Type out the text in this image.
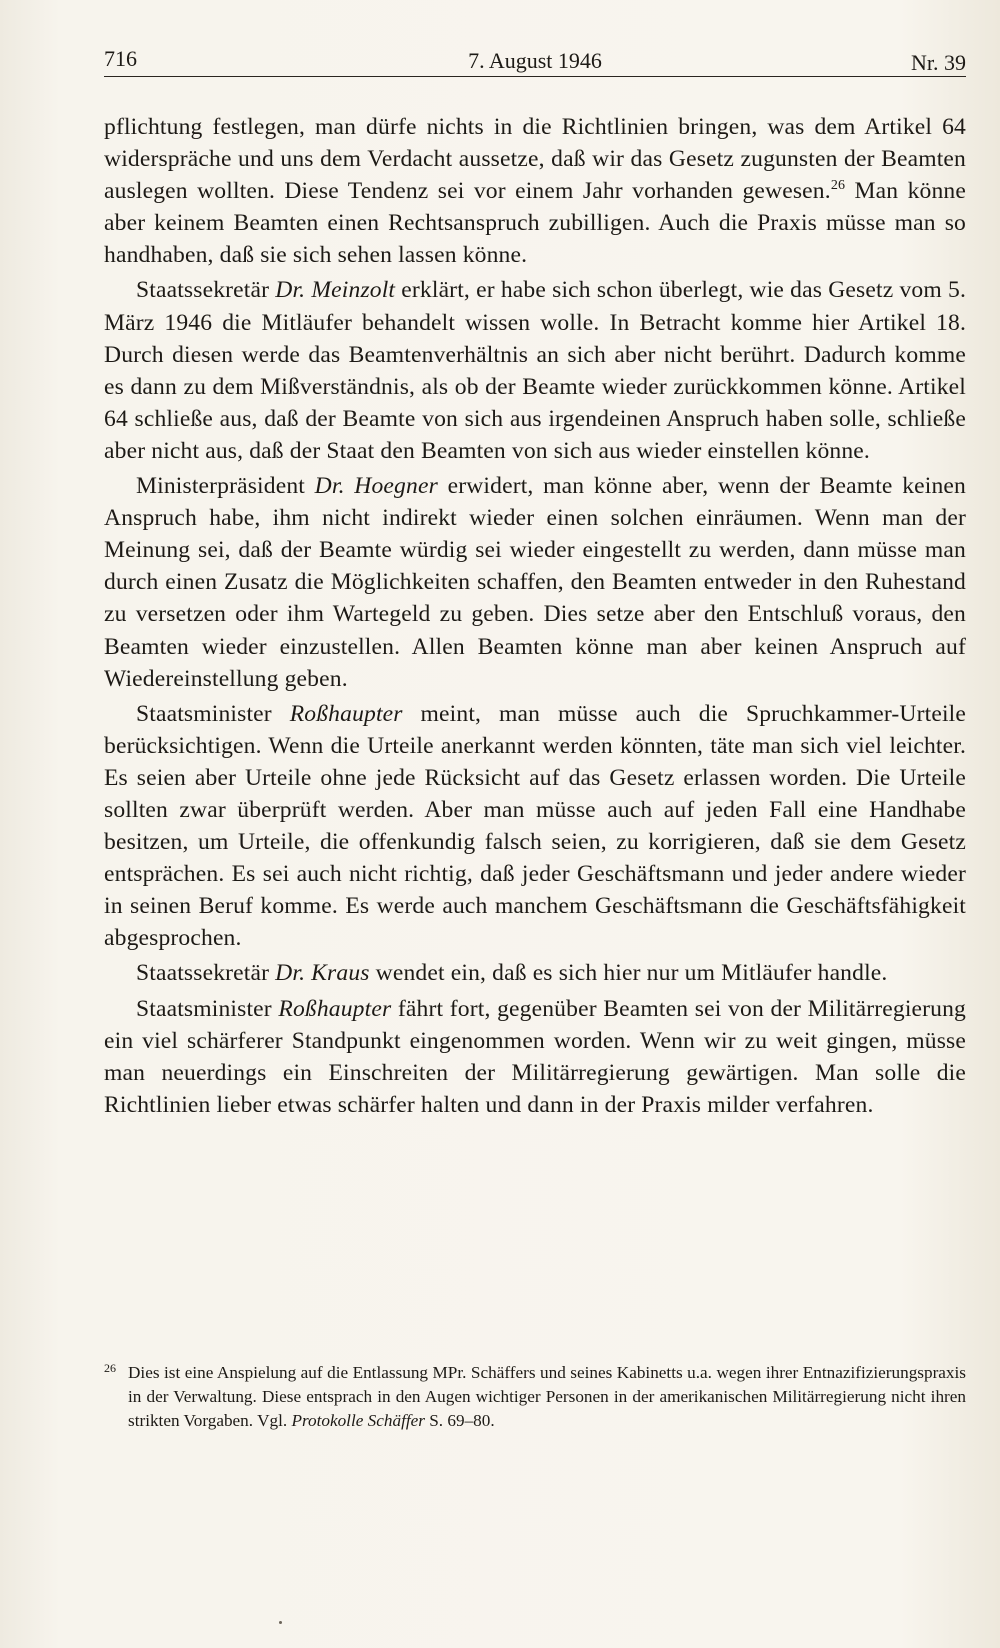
716	7. August 1946	Nr. 39

pflichtung festlegen, man dürfe nichts in die Richtlinien bringen, was dem Artikel 64 widerspräche und uns dem Verdacht aussetze, daß wir das Gesetz zugunsten der Beamten auslegen wollten. Diese Tendenz sei vor einem Jahr vorhanden gewesen.$^{26}$ Man könne aber keinem Beamten einen Rechtsanspruch zubilligen. Auch die Praxis müsse man so handhaben, daß sie sich sehen lassen könne.

Staatssekretär Dr. Meinzolt erklärt, er habe sich schon überlegt, wie das Gesetz vom 5. März 1946 die Mitläufer behandelt wissen wolle. In Betracht komme hier Artikel 18. Durch diesen werde das Beamtenverhältnis an sich aber nicht berührt. Dadurch komme es dann zu dem Mißverständnis, als ob der Beamte wieder zurückkommen könne. Artikel 64 schließe aus, daß der Beamte von sich aus irgendeinen Anspruch haben solle, schließe aber nicht aus, daß der Staat den Beamten von sich aus wieder einstellen könne.

Ministerpräsident Dr. Hoegner erwidert, man könne aber, wenn der Beamte keinen Anspruch habe, ihm nicht indirekt wieder einen solchen einräumen. Wenn man der Meinung sei, daß der Beamte würdig sei wieder eingestellt zu werden, dann müsse man durch einen Zusatz die Möglichkeiten schaffen, den Beamten entweder in den Ruhestand zu versetzen oder ihm Wartegeld zu geben. Dies setze aber den Entschluß voraus, den Beamten wieder einzustellen. Allen Beamten könne man aber keinen Anspruch auf Wiedereinstellung geben.

Staatsminister Roßhaupter meint, man müsse auch die Spruchkammer-Urteile berücksichtigen. Wenn die Urteile anerkannt werden könnten, täte man sich viel leichter. Es seien aber Urteile ohne jede Rücksicht auf das Gesetz erlassen worden. Die Urteile sollten zwar überprüft werden. Aber man müsse auch auf jeden Fall eine Handhabe besitzen, um Urteile, die offenkundig falsch seien, zu korrigieren, daß sie dem Gesetz entsprächen. Es sei auch nicht richtig, daß jeder Geschäftsmann und jeder andere wieder in seinen Beruf komme. Es werde auch manchem Geschäftsmann die Geschäftsfähigkeit abgesprochen.

Staatssekretär Dr. Kraus wendet ein, daß es sich hier nur um Mitläufer handle.

Staatsminister Roßhaupter fährt fort, gegenüber Beamten sei von der Militärregierung ein viel schärferer Standpunkt eingenommen worden. Wenn wir zu weit gingen, müsse man neuerdings ein Einschreiten der Militärregierung gewärtigen. Man solle die Richtlinien lieber etwas schärfer halten und dann in der Praxis milder verfahren.

26 Dies ist eine Anspielung auf die Entlassung MPr. Schäffers und seines Kabinetts u.a. wegen ihrer Entnazifizierungspraxis in der Verwaltung. Diese entsprach in den Augen wichtiger Personen in der amerikanischen Militärregierung nicht ihren strikten Vorgaben. Vgl. Protokolle Schäffer S. 69–80.
